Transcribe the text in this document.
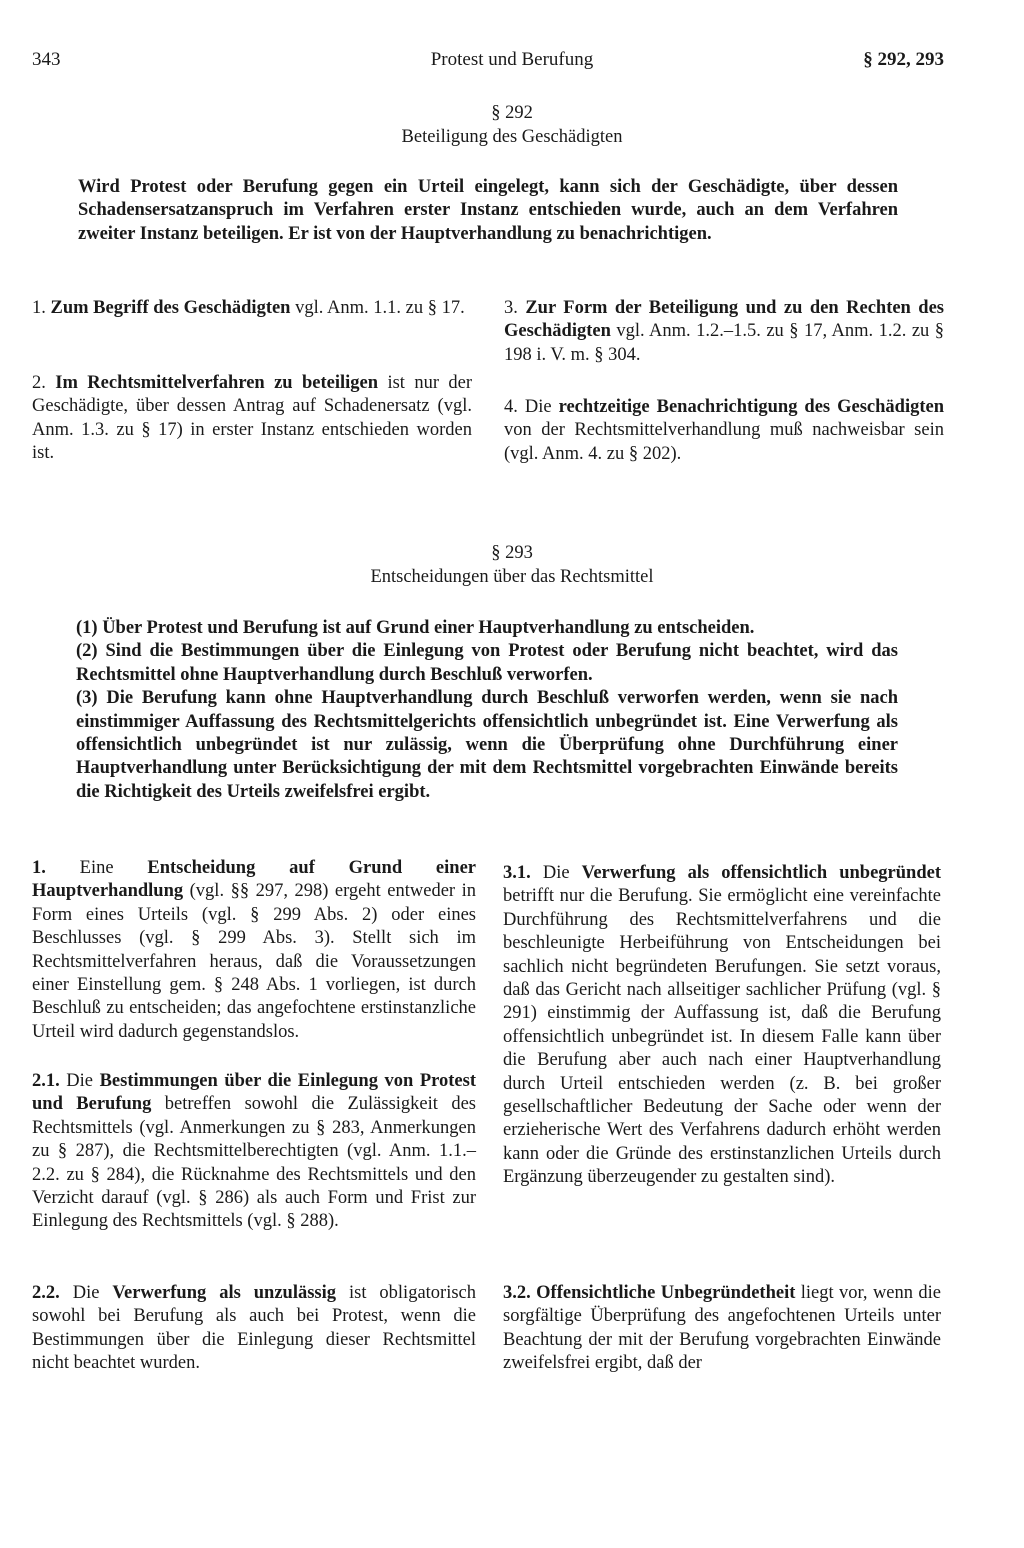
343	Protest und Berufung	§ 292, 293
§ 292
Beteiligung des Geschädigten
Wird Protest oder Berufung gegen ein Urteil eingelegt, kann sich der Geschädigte, über dessen Schadensersatzanspruch im Verfahren erster Instanz entschieden wurde, auch an dem Verfahren zweiter Instanz beteiligen. Er ist von der Hauptverhandlung zu benachrichtigen.
1. Zum Begriff des Geschädigten vgl. Anm. 1.1. zu § 17.
2. Im Rechtsmittelverfahren zu beteiligen ist nur der Geschädigte, über dessen Antrag auf Schadenersatz (vgl. Anm. 1.3. zu § 17) in erster Instanz entschieden worden ist.
3. Zur Form der Beteiligung und zu den Rechten des Geschädigten vgl. Anm. 1.2.–1.5. zu § 17, Anm. 1.2. zu § 198 i. V. m. § 304.
4. Die rechtzeitige Benachrichtigung des Geschädigten von der Rechtsmittelverhandlung muß nachweisbar sein (vgl. Anm. 4. zu § 202).
§ 293
Entscheidungen über das Rechtsmittel

(1) Über Protest und Berufung ist auf Grund einer Hauptverhandlung zu entscheiden.

(2) Sind die Bestimmungen über die Einlegung von Protest oder Berufung nicht beachtet, wird das Rechtsmittel ohne Hauptverhandlung durch Beschluß verworfen.

(3) Die Berufung kann ohne Hauptverhandlung durch Beschluß verworfen werden, wenn sie nach einstimmiger Auffassung des Rechtsmittelgerichts offensichtlich unbegründet ist. Eine Verwerfung als offensichtlich unbegründet ist nur zulässig, wenn die Überprüfung ohne Durchführung einer Hauptverhandlung unter Berücksichtigung der mit dem Rechtsmittel vorgebrachten Einwände bereits die Richtigkeit des Urteils zweifelsfrei ergibt.

1. Eine Entscheidung auf Grund einer Hauptverhandlung (vgl. §§ 297, 298) ergeht entweder in Form eines Urteils (vgl. § 299 Abs. 2) oder eines Beschlusses (vgl. § 299 Abs. 3). Stellt sich im Rechtsmittelverfahren heraus, daß die Voraussetzungen einer Einstellung gem. § 248 Abs. 1 vorliegen, ist durch Beschluß zu entscheiden; das angefochtene erstinstanzliche Urteil wird dadurch gegenstandslos.
2.1. Die Bestimmungen über die Einlegung von Protest und Berufung betreffen sowohl die Zulässigkeit des Rechtsmittels (vgl. Anmerkungen zu § 283, Anmerkungen zu § 287), die Rechtsmittelberechtigten (vgl. Anm. 1.1.–2.2. zu § 284), die Rücknahme des Rechtsmittels und den Verzicht darauf (vgl. § 286) als auch Form und Frist zur Einlegung des Rechtsmittels (vgl. § 288).
2.2. Die Verwerfung als unzulässig ist obligatorisch sowohl bei Berufung als auch bei Protest, wenn die Bestimmungen über die Einlegung dieser Rechtsmittel nicht beachtet wurden.
3.1. Die Verwerfung als offensichtlich unbegründet betrifft nur die Berufung. Sie ermöglicht eine vereinfachte Durchführung des Rechtsmittelverfahrens und die beschleunigte Herbeiführung von Entscheidungen bei sachlich nicht begründeten Berufungen. Sie setzt voraus, daß das Gericht nach allseitiger sachlicher Prüfung (vgl. § 291) einstimmig der Auffassung ist, daß die Berufung offensichtlich unbegründet ist. In diesem Falle kann über die Berufung aber auch nach einer Hauptverhandlung durch Urteil entschieden werden (z. B. bei großer gesellschaftlicher Bedeutung der Sache oder wenn der erzieherische Wert des Verfahrens dadurch erhöht werden kann oder die Gründe des erstinstanzlichen Urteils durch Ergänzung überzeugender zu gestalten sind).
3.2. Offensichtliche Unbegründetheit liegt vor, wenn die sorgfältige Überprüfung des angefochtenen Urteils unter Beachtung der mit der Berufung vorgebrachten Einwände zweifelsfrei ergibt, daß der
